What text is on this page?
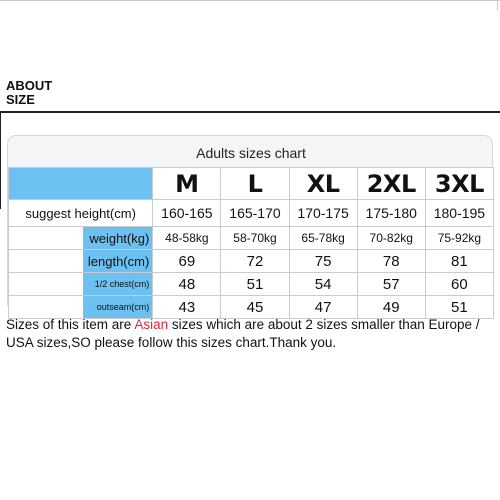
ABOUT
SIZE
Adults sizes chart
	M	L	XL	2XL	3XL
suggest height(cm)	160-165	165-170	170-175	175-180	180-195

weight(kg)	48-58kg	58-70kg	65-78kg	70-82kg	75-92kg

length(cm)	69	72	75	78	81

1/2 chest(cm)	48	51	54	57	60

outseam(cm)	43	45	47	49	51
Sizes of this item are Asian sizes which are about 2 sizes smaller than Europe / USA sizes,SO please follow this sizes chart.Thank you.
